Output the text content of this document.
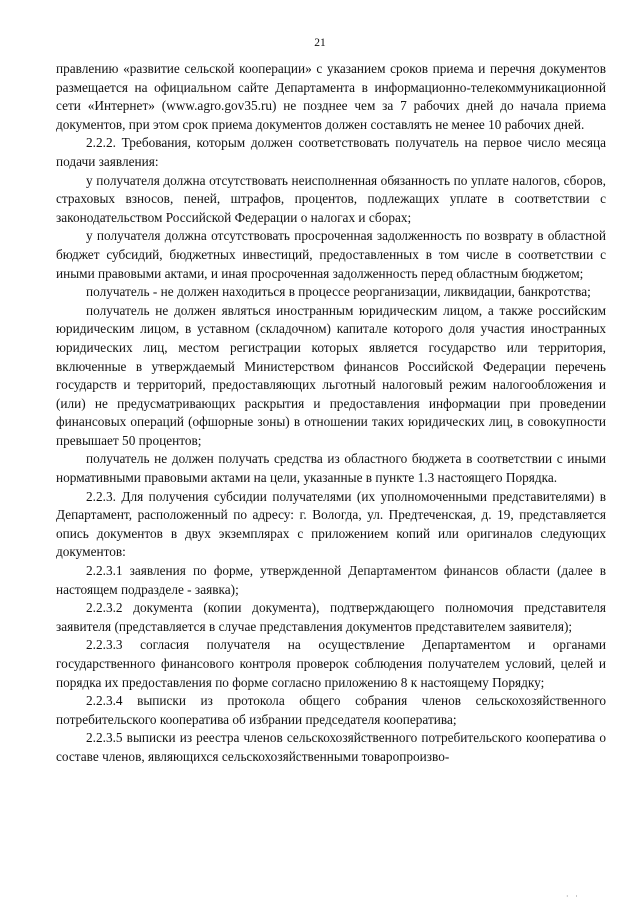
21

правлению «развитие сельской кооперации» с указанием сроков приема и перечня документов размещается на официальном сайте Департамента в информационно-телекоммуникационной сети «Интернет» (www.agro.gov35.ru) не позднее чем за 7 рабочих дней до начала приема документов, при этом срок приема документов должен составлять не менее 10 рабочих дней.

2.2.2. Требования, которым должен соответствовать получатель на первое число месяца подачи заявления:

у получателя должна отсутствовать неисполненная обязанность по уплате налогов, сборов, страховых взносов, пеней, штрафов, процентов, подлежащих уплате в соответствии с законодательством Российской Федерации о налогах и сборах;

у получателя должна отсутствовать просроченная задолженность по возврату в областной бюджет субсидий, бюджетных инвестиций, предоставленных в том числе в соответствии с иными правовыми актами, и иная просроченная задолженность перед областным бюджетом;

получатель - не должен находиться в процессе реорганизации, ликвидации, банкротства;

получатель не должен являться иностранным юридическим лицом, а также российским юридическим лицом, в уставном (складочном) капитале которого доля участия иностранных юридических лиц, местом регистрации которых является государство или территория, включенные в утверждаемый Министерством финансов Российской Федерации перечень государств и территорий, предоставляющих льготный налоговый режим налогообложения и (или) не предусматривающих раскрытия и предоставления информации при проведении финансовых операций (офшорные зоны) в отношении таких юридических лиц, в совокупности превышает 50 процентов;

получатель не должен получать средства из областного бюджета в соответствии с иными нормативными правовыми актами на цели, указанные в пункте 1.3 настоящего Порядка.

2.2.3. Для получения субсидии получателями (их уполномоченными представителями) в Департамент, расположенный по адресу: г. Вологда, ул. Предтеченская, д. 19, представляется опись документов в двух экземплярах с приложением копий или оригиналов следующих документов:

2.2.3.1 заявления по форме, утвержденной Департаментом финансов области (далее в настоящем подразделе - заявка);

2.2.3.2 документа (копии документа), подтверждающего полномочия представителя заявителя (представляется в случае представления документов представителем заявителя);

2.2.3.3 согласия получателя на осуществление Департаментом и органами государственного финансового контроля проверок соблюдения получателем условий, целей и порядка их предоставления по форме согласно приложению 8 к настоящему Порядку;

2.2.3.4 выписки из протокола общего собрания членов сельскохозяйственного потребительского кооператива об избрании председателя кооператива;

2.2.3.5 выписки из реестра членов сельскохозяйственного потребительского кооператива о составе членов, являющихся сельскохозяйственными товаропроизво-

· ·
